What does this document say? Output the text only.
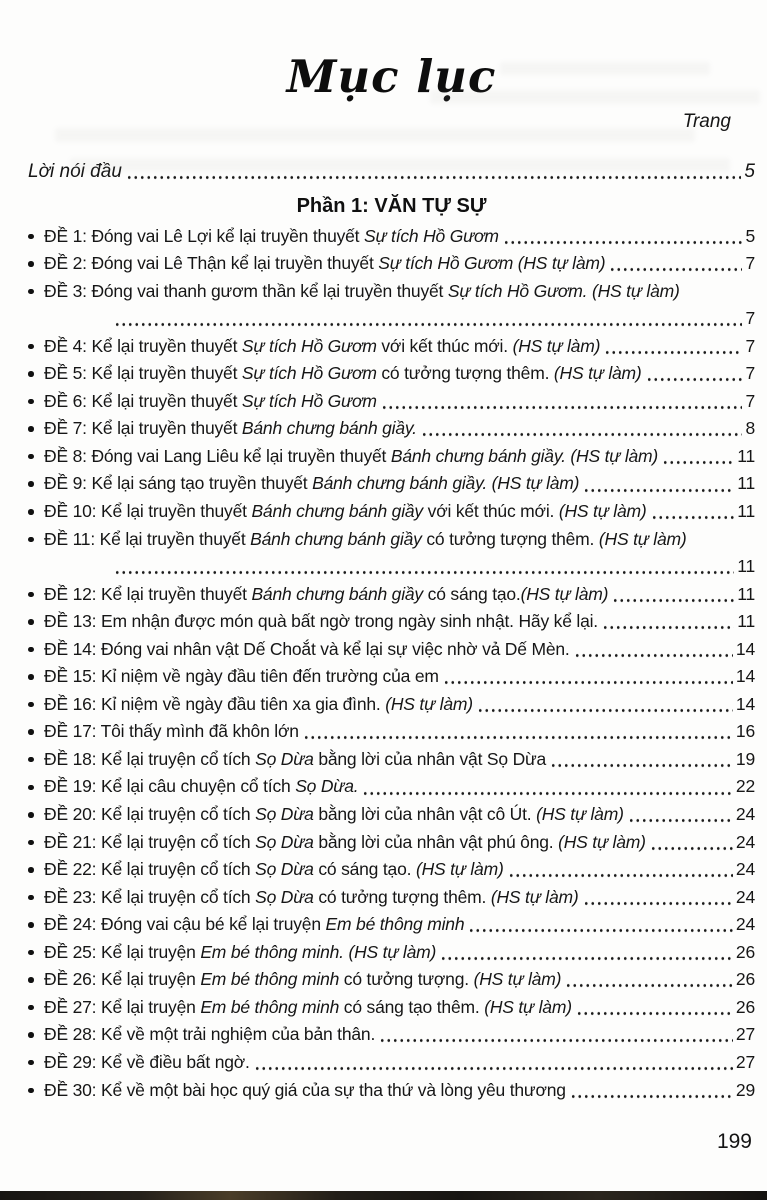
Mục lục
Trang
Lời nói đầu	5
Phần 1: VĂN TỰ SỰ
ĐỀ 1: Đóng vai Lê Lợi kể lại truyền thuyết Sự tích Hồ Gươm	5
ĐỀ 2: Đóng vai Lê Thận kể lại truyền thuyết Sự tích Hồ Gươm (HS tự làm)	7
ĐỀ 3: Đóng vai thanh gươm thần kể lại truyền thuyết Sự tích Hồ Gươm. (HS tự làm)
7
ĐỀ 4: Kể lại truyền thuyết Sự tích Hồ Gươm với kết thúc mới. (HS tự làm)	7
ĐỀ 5: Kể lại truyền thuyết Sự tích Hồ Gươm có tưởng tượng thêm. (HS tự làm)	7
ĐỀ 6: Kể lại truyền thuyết Sự tích Hồ Gươm	7
ĐỀ 7: Kể lại truyền thuyết Bánh chưng bánh giầy.	8
ĐỀ 8: Đóng vai Lang Liêu kể lại truyền thuyết Bánh chưng bánh giầy. (HS tự làm)	11
ĐỀ 9: Kể lại sáng tạo truyền thuyết Bánh chưng bánh giầy. (HS tự làm)	11
ĐỀ 10: Kể lại truyền thuyết Bánh chưng bánh giầy với kết thúc mới. (HS tự làm)	11
ĐỀ 11: Kể lại truyền thuyết Bánh chưng bánh giầy có tưởng tượng thêm. (HS tự làm)
11
ĐỀ 12: Kể lại truyền thuyết Bánh chưng bánh giầy có sáng tạo.(HS tự làm)	11
ĐỀ 13: Em nhận được món quà bất ngờ trong ngày sinh nhật. Hãy kể lại.	11
ĐỀ 14: Đóng vai nhân vật Dế Choắt và kể lại sự việc nhờ vả Dế Mèn.	14
ĐỀ 15: Kỉ niệm về ngày đầu tiên đến trường của em	14
ĐỀ 16: Kỉ niệm về ngày đầu tiên xa gia đình. (HS tự làm)	14
ĐỀ 17: Tôi thấy mình đã khôn lớn	16
ĐỀ 18: Kể lại truyện cổ tích Sọ Dừa bằng lời của nhân vật Sọ Dừa	19
ĐỀ 19: Kể lại câu chuyện cổ tích Sọ Dừa.	22
ĐỀ 20: Kể lại truyện cổ tích Sọ Dừa bằng lời của nhân vật cô Út. (HS tự làm)	24
ĐỀ 21: Kể lại truyện cổ tích Sọ Dừa bằng lời của nhân vật phú ông. (HS tự làm)	24
ĐỀ 22: Kể lại truyện cổ tích Sọ Dừa có sáng tạo. (HS tự làm)	24
ĐỀ 23: Kể lại truyện cổ tích Sọ Dừa có tưởng tượng thêm. (HS tự làm)	24
ĐỀ 24: Đóng vai cậu bé kể lại truyện Em bé thông minh	24
ĐỀ 25: Kể lại truyện Em bé thông minh. (HS tự làm)	26
ĐỀ 26: Kể lại truyện Em bé thông minh có tưởng tượng. (HS tự làm)	26
ĐỀ 27: Kể lại truyện Em bé thông minh có sáng tạo thêm. (HS tự làm)	26
ĐỀ 28: Kể về một trải nghiệm của bản thân.	27
ĐỀ 29: Kể về điều bất ngờ.	27
ĐỀ 30: Kể về một bài học quý giá của sự tha thứ và lòng yêu thương	29
199
